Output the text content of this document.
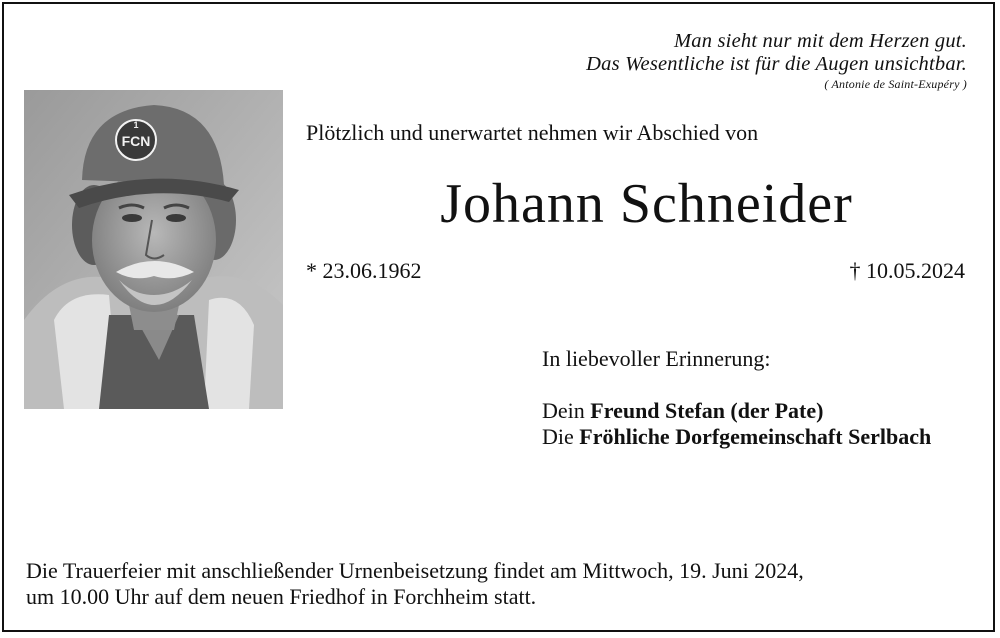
Man sieht nur mit dem Herzen gut.
Das Wesentliche ist für die Augen unsichtbar.
( Antonie de Saint-Exupéry )
FCN
1	Plötzlich und unerwartet nehmen wir Abschied von
Johann Schneider
* 23.06.1962	† 10.05.2024
In liebevoller Erinnerung:
Dein Freund Stefan (der Pate)
Die Fröhliche Dorfgemeinschaft Serlbach
Die Trauerfeier mit anschließender Urnenbeisetzung findet am Mittwoch, 19. Juni 2024,
um 10.00 Uhr auf dem neuen Friedhof in Forchheim statt.
